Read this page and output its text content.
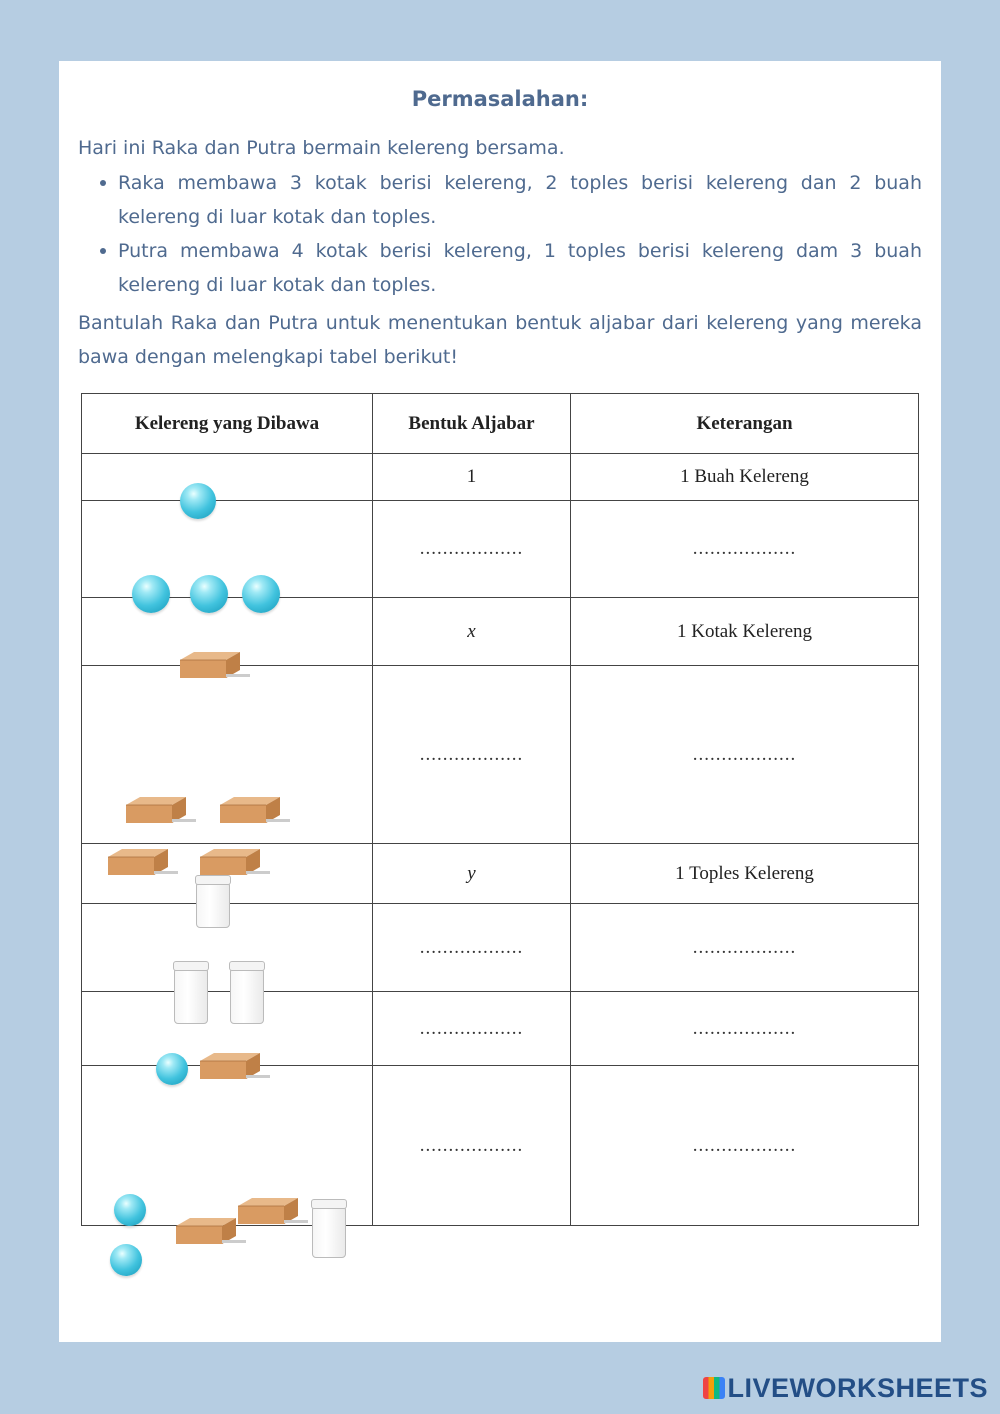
Permasalahan:
Hari ini Raka dan Putra bermain kelereng bersama.
Raka membawa 3 kotak berisi kelereng, 2 toples berisi kelereng dan 2 buah kelereng di luar kotak dan toples.
Putra membawa 4 kotak berisi kelereng, 1 toples berisi kelereng dam 3 buah kelereng di luar kotak dan toples.
Bantulah Raka dan Putra untuk menentukan bentuk aljabar dari kelereng yang mereka bawa dengan melengkapi tabel berikut!
Kelereng yang Dibawa	Bentuk Aljabar	Keterangan

	1	1 Buah Kelereng

	..................	..................

	x	1 Kotak Kelereng

	..................	..................

	y	1 Toples Kelereng

	..................	..................

	..................	..................

	..................	..................
LIVEWORKSHEETS
